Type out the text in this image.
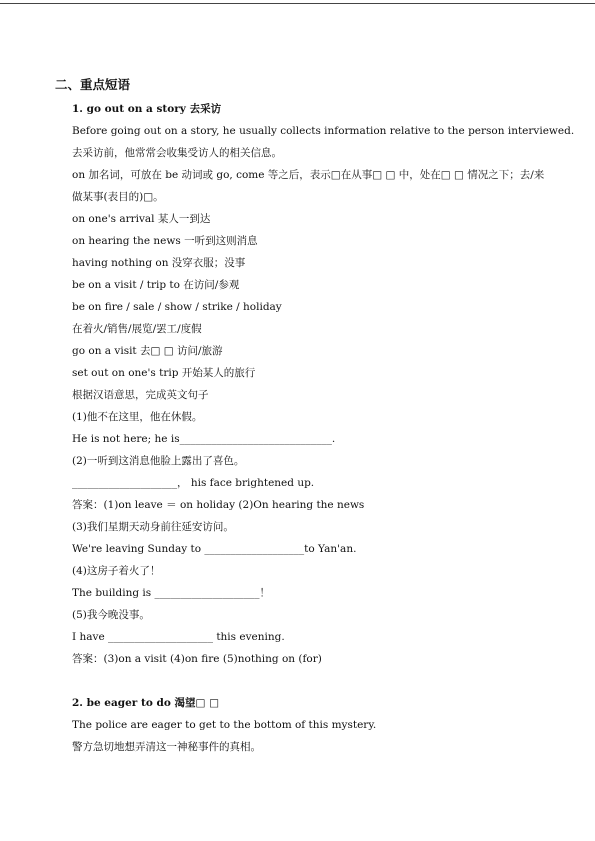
二、重点短语
1. go out on a story 去采访
Before going out on a story, he usually collects information relative to the person interviewed.
去采访前，他常常会收集受访人的相关信息。
on 加名词，可放在 be 动词或 go, come 等之后，表示□在从事□ □ 中，处在□ □ 情况之下；去/来做某事(表目的)□。
on one's arrival 某人一到达
on hearing the news 一听到这则消息
having nothing on 没穿衣服；没事
be on a visit / trip to 在访问/参观
be on fire / sale / show / strike / holiday
在着火/销售/展览/罢工/度假
go on a visit 去□ □ 访问/旅游
set out on one's trip 开始某人的旅行
根据汉语意思，完成英文句子
(1)他不在这里，他在休假。
He is not here; he is_____________________________.
(2)一听到这消息他脸上露出了喜色。
____________________， his face brightened up.
答案：(1)on leave ＝ on holiday (2)On hearing the news
(3)我们星期天动身前往延安访问。
We're leaving Sunday to ___________________to Yan'an.
(4)这房子着火了！
The building is ____________________！
(5)我今晚没事。
I have ____________________ this evening.
答案：(3)on a visit (4)on fire (5)nothing on (for)
2. be eager to do 渴望□ □
The police are eager to get to the bottom of this mystery.
警方急切地想弄清这一神秘事件的真相。
